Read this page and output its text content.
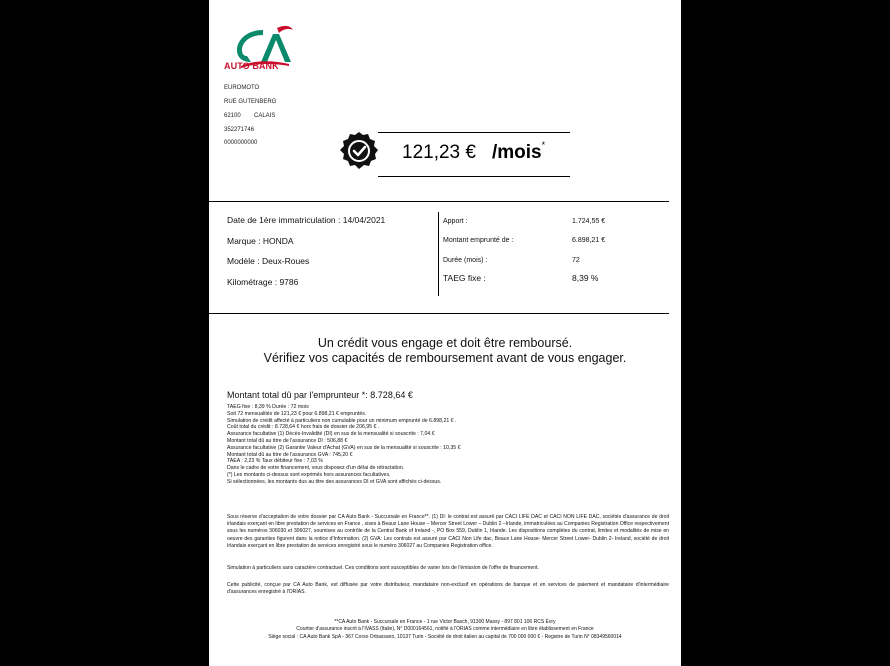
AUTO BANK
EUROMOTO
RUE GUTENBERG
62100 CALAIS
352271746
0000000000	121,23 € /mois*
Date de 1ère immatriculation : 14/04/2021
Marque : HONDA
Modèle : Deux-Roues
Kilométrage : 9786
Apport :	1.724,55 €
Montant emprunté de :	6.898,21 €
Durée (mois) :	72
TAEG fixe :	8,39 %
Un crédit vous engage et doit être remboursé.
Vérifiez vos capacités de remboursement avant de vous engager.
Montant total dû par l'emprunteur *: 8.728,64 €
TAEG fixe : 8,39 % Durée : 72 mois
Soit 72 mensualités de 121,23 € pour 6.898,21 € empruntés.
Simulation de crédit affecté à particuliers non cumulable pour un minimum emprunté de 6.898,21 € .
Coût total du crédit : 8.728,64 € hors frais de dossier de 206,95 € .
Assurance facultative (1) Décès-Invalidité (DI) en sus de la mensualité si souscrite : 7,04 €
Montant total dû au titre de l'assurance DI : 506,88 €
Assurance facultative (2) Garantie Valeur d'Achat (GVA) en sus de la mensualité si souscrite : 10,35 €
Montant total dû au titre de l'assurance GVA : 745,20 €
TAEA : 2,23 % Taux débiteur fixe : 7,03 %
Dans le cadre de votre financement, vous disposez d'un délai de rétractation.
(*) Les montants ci-dessus sont exprimés hors assurances facultatives.
Si sélectionnées, les montants dus au titre des assurances DI et GVA sont affichés ci-dessus.
Sous réserve d'acceptation de votre dossier par CA Auto Bank - Succursale en France**. (1) DI: le contrat est assuré par CACI LIFE DAC et CACI NON LIFE DAC, sociétés d'assurance de droit irlandais exerçant en libre prestation de services en France , sises à Beaux Lane House – Mercer Street Lower – Dublin 2 –Irlande, immatriculées au Companies Registration Office respectivement sous les numéros 306030 et 306027, soumises au contrôle de la Central Bank of Ireland -, PO Box 559, Dublin 1, Irlande. Les dispositions complètes du contrat, limites et modalités de mise en oeuvre des garanties figurent dans la notice d'Information. (2) GVA: Les contrats est assuré par CACI Non Life dac, Beaux Lane House- Mercer Street Lower- Dublin 2- Ireland, société de droit Irlandais exerçant en libre prestation de services enregistré sous le numéro 306027 au Companies Registration office.
Simulation à particuliers sans caractère contractuel. Ces conditions sont susceptibles de varier lors de l'émission de l'offre de financement.
Cette publicité, conçue par CA Auto Bank, est diffusée par votre distributeur, mandataire non-exclusif en opérations de banque et en services de paiement et mandataire d'intermédiaire d'assurances enregistré à l'ORIAS.
**CA Auto Bank - Succursale en France - 1 rue Victor Basch, 91300 Massy - 897 801 106 RCS Évry
Courtier d'assurance inscrit à l'IVASS (Italie), N° D000164561, notifié à l'ORIAS comme intermédiaire en libre établissement en France
Siège social : CA Auto Bank SpA - 367 Corso Orbassano, 10137 Turin - Société de droit italien au capital de 700 000 000 € - Registre de Turin N° 08349560014
